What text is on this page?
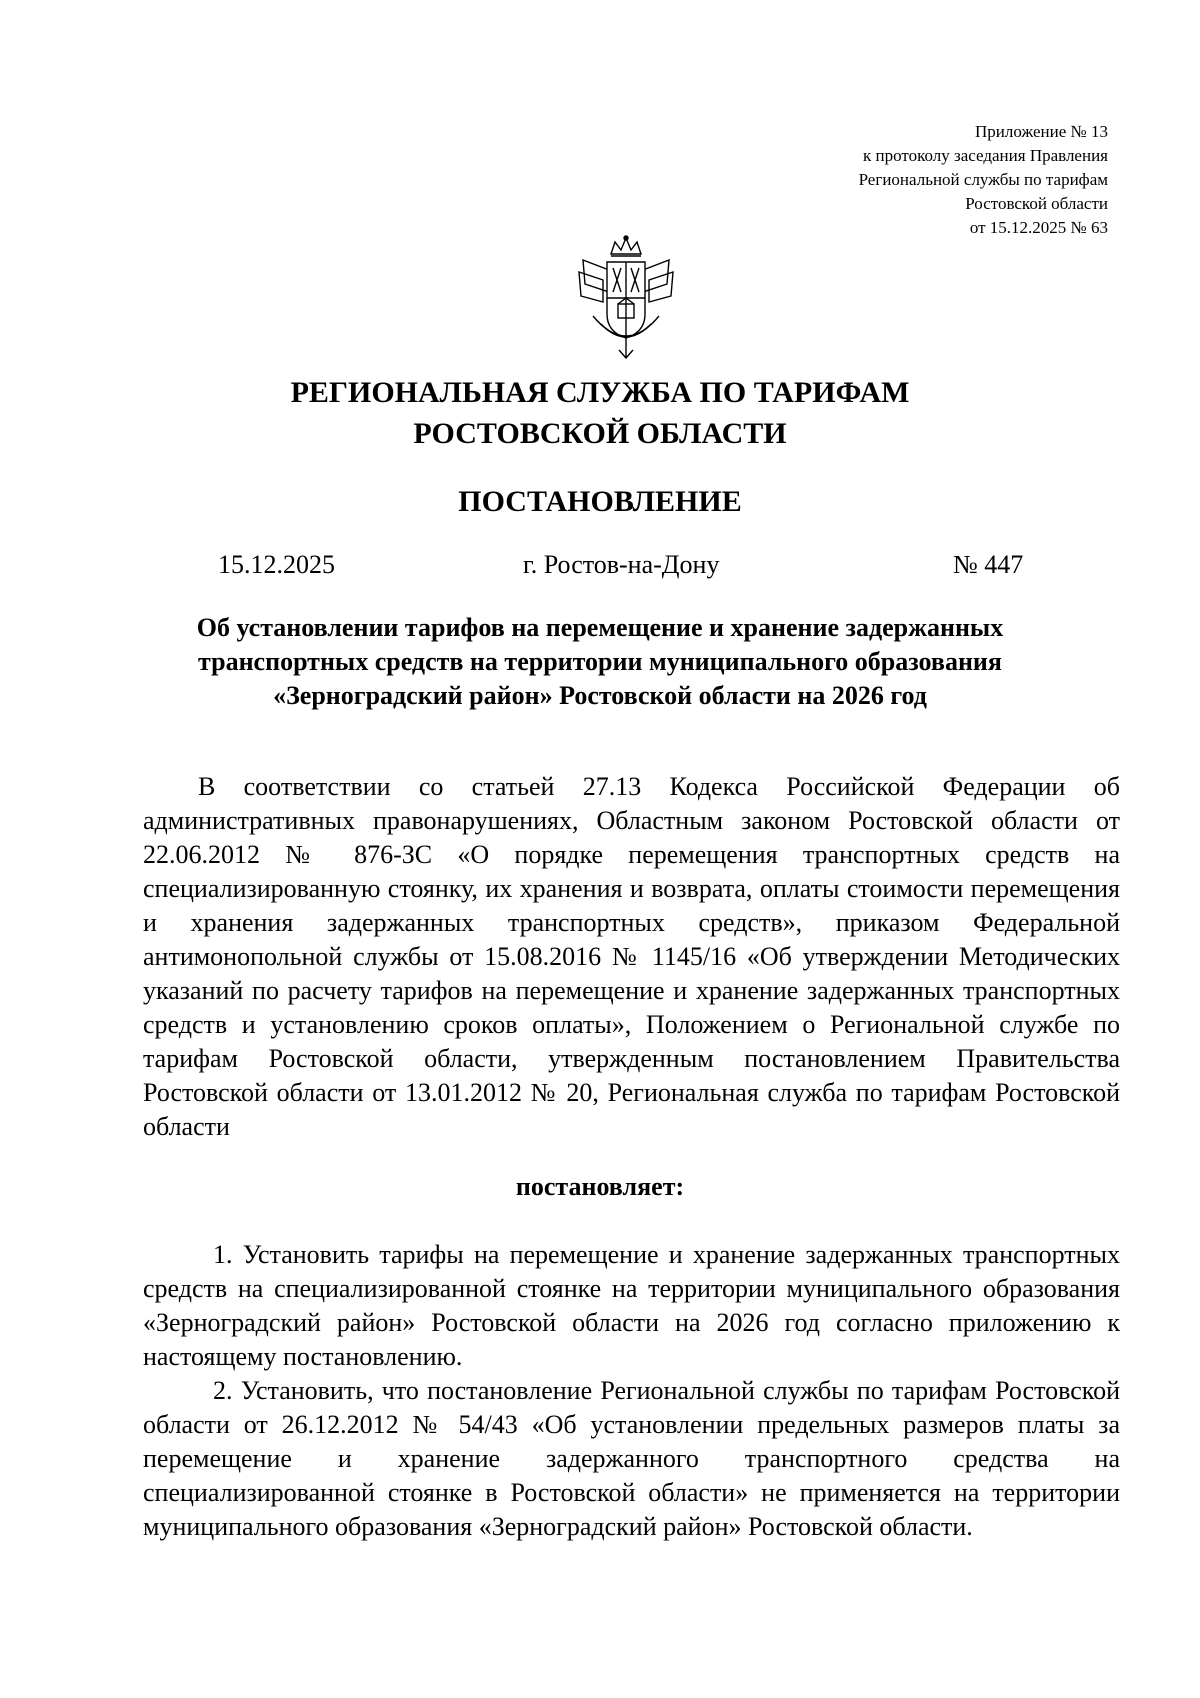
Приложение № 13
к протоколу заседания Правления
Региональной службы по тарифам
Ростовской области
от 15.12.2025 № 63
РЕГИОНАЛЬНАЯ СЛУЖБА ПО ТАРИФАМ
РОСТОВСКОЙ ОБЛАСТИ
ПОСТАНОВЛЕНИЕ
15.12.2025	г. Ростов-на-Дону	№ 447
Об установлении тарифов на перемещение и хранение задержанных
транспортных средств на территории муниципального образования
«Зерноградский район» Ростовской области на 2026 год

В соответствии со статьей 27.13 Кодекса Российской Федерации об административных правонарушениях, Областным законом Ростовской области от 22.06.2012 № 876-ЗС «О порядке перемещения транспортных средств на специализированную стоянку, их хранения и возврата, оплаты стоимости перемещения и хранения задержанных транспортных средств», приказом Федеральной антимонопольной службы от 15.08.2016 № 1145/16 «Об утверждении Методических указаний по расчету тарифов на перемещение и хранение задержанных транспортных средств и установлению сроков оплаты», Положением о Региональной службе по тарифам Ростовской области, утвержденным постановлением Правительства Ростовской области от 13.01.2012 № 20, Региональная служба по тарифам Ростовской области

постановляет:

1. Установить тарифы на перемещение и хранение задержанных транспортных средств на специализированной стоянке на территории муниципального образования «Зерноградский район» Ростовской области на 2026 год согласно приложению к настоящему постановлению.

2. Установить, что постановление Региональной службы по тарифам Ростовской области от 26.12.2012 № 54/43 «Об установлении предельных размеров платы за перемещение и хранение задержанного транспортного средства на специализированной стоянке в Ростовской области» не применяется на территории муниципального образования «Зерноградский район» Ростовской области.
